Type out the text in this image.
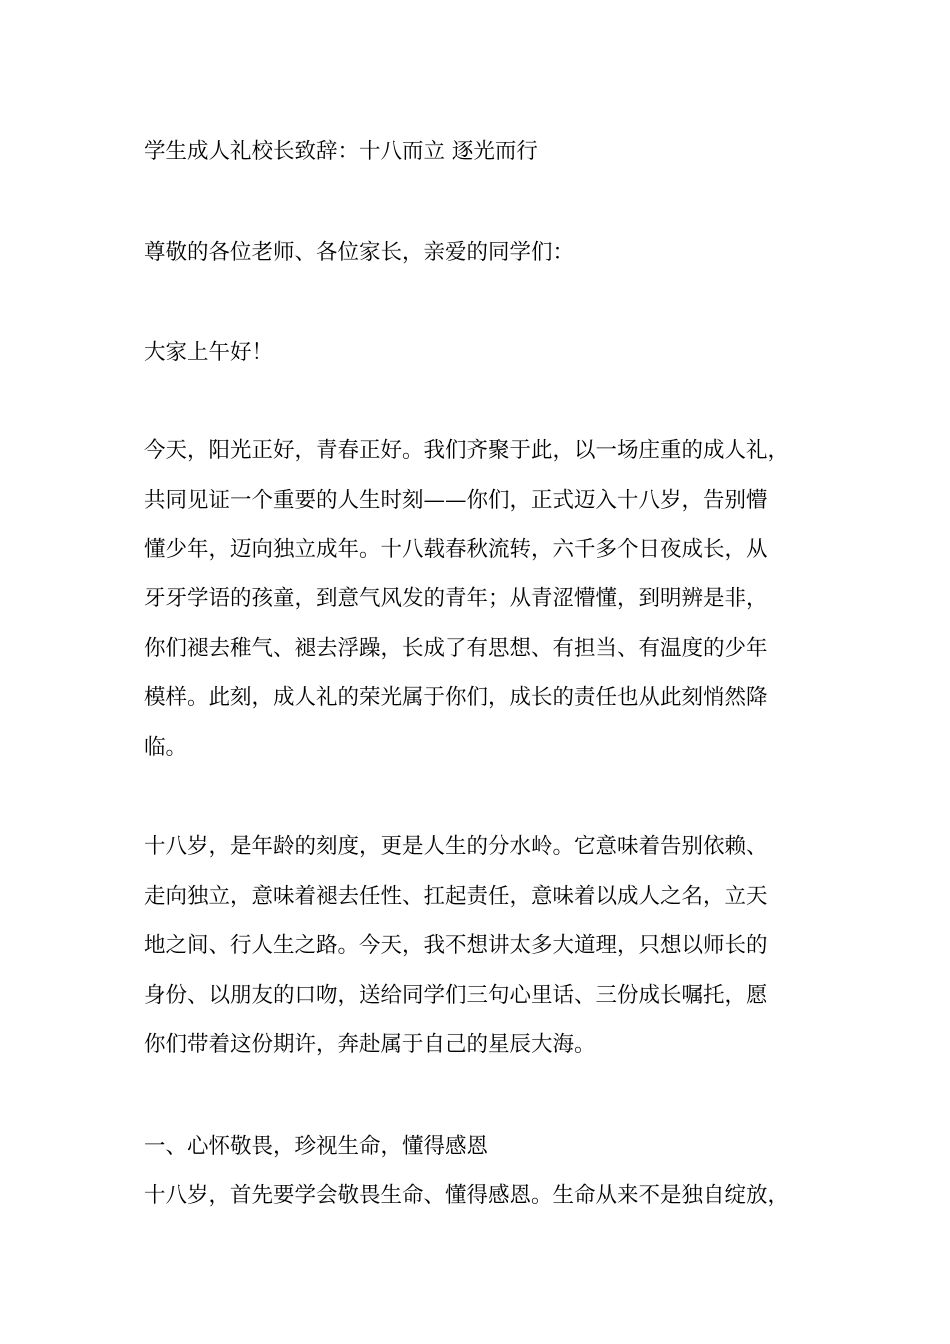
学生成人礼校长致辞：十八而立 逐光而行
尊敬的各位老师、各位家长，亲爱的同学们：
大家上午好！
今天，阳光正好，青春正好。我们齐聚于此，以一场庄重的成人礼，
共同见证一个重要的人生时刻——你们，正式迈入十八岁，告别懵
懂少年，迈向独立成年。十八载春秋流转，六千多个日夜成长，从
牙牙学语的孩童，到意气风发的青年；从青涩懵懂，到明辨是非，
你们褪去稚气、褪去浮躁，长成了有思想、有担当、有温度的少年
模样。此刻，成人礼的荣光属于你们，成长的责任也从此刻悄然降
临。
十八岁，是年龄的刻度，更是人生的分水岭。它意味着告别依赖、
走向独立，意味着褪去任性、扛起责任，意味着以成人之名，立天
地之间、行人生之路。今天，我不想讲太多大道理，只想以师长的
身份、以朋友的口吻，送给同学们三句心里话、三份成长嘱托，愿
你们带着这份期许，奔赴属于自己的星辰大海。
一、心怀敬畏，珍视生命，懂得感恩
十八岁，首先要学会敬畏生命、懂得感恩。生命从来不是独自绽放，
